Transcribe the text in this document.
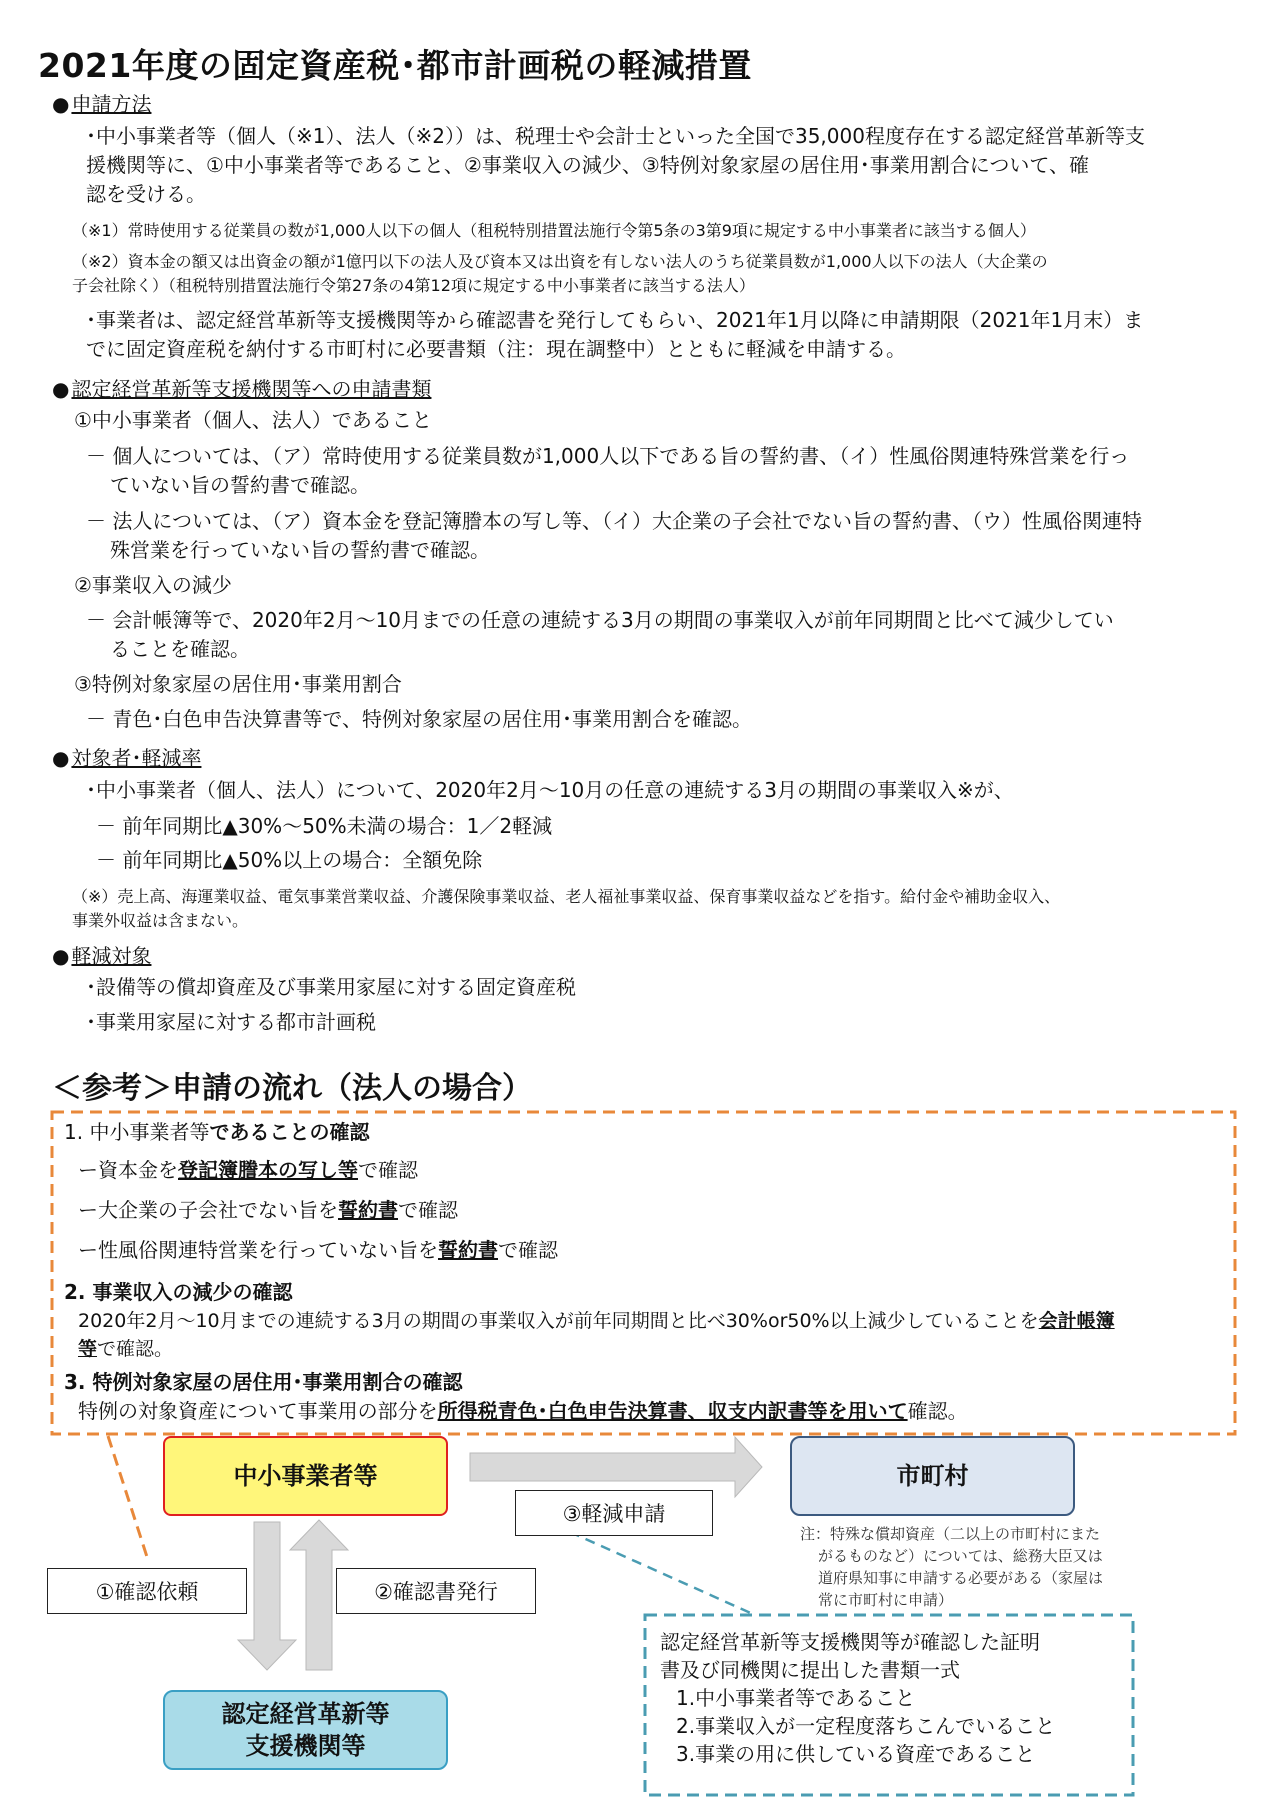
2021年度の固定資産税･都市計画税の軽減措置
● 申請方法
･中小事業者等（個人（※1）、法人（※2））は、税理士や会計士といった全国で35,000程度存在する認定経営革新等支
援機関等に、①中小事業者等であること、②事業収入の減少、③特例対象家屋の居住用･事業用割合について、確
認を受ける。
（※1）常時使用する従業員の数が1,000人以下の個人（租税特別措置法施行令第5条の3第9項に規定する中小事業者に該当する個人）
（※2）資本金の額又は出資金の額が1億円以下の法人及び資本又は出資を有しない法人のうち従業員数が1,000人以下の法人（大企業の
子会社除く）（租税特別措置法施行令第27条の4第12項に規定する中小事業者に該当する法人）
･事業者は、認定経営革新等支援機関等から確認書を発行してもらい、2021年1月以降に申請期限（2021年1月末）ま
でに固定資産税を納付する市町村に必要書類（注：現在調整中）とともに軽減を申請する。
● 認定経営革新等支援機関等への申請書類
①中小事業者（個人、法人）であること
－ 個人については、（ア）常時使用する従業員数が1,000人以下である旨の誓約書、（イ）性風俗関連特殊営業を行っ
ていない旨の誓約書で確認。
－ 法人については、（ア）資本金を登記簿謄本の写し等、（イ）大企業の子会社でない旨の誓約書、（ウ）性風俗関連特
殊営業を行っていない旨の誓約書で確認。
②事業収入の減少
－ 会計帳簿等で、2020年2月～10月までの任意の連続する3月の期間の事業収入が前年同期間と比べて減少してい
ることを確認。
③特例対象家屋の居住用･事業用割合
－ 青色･白色申告決算書等で、特例対象家屋の居住用･事業用割合を確認。
● 対象者･軽減率
･中小事業者（個人、法人）について、2020年2月～10月の任意の連続する3月の期間の事業収入※が、
－ 前年同期比▲30%～50%未満の場合：1／2軽減
－ 前年同期比▲50%以上の場合：全額免除
（※）売上高、海運業収益、電気事業営業収益、介護保険事業収益、老人福祉事業収益、保育事業収益などを指す。給付金や補助金収入、
事業外収益は含まない。
● 軽減対象
･設備等の償却資産及び事業用家屋に対する固定資産税
･事業用家屋に対する都市計画税
＜参考＞申請の流れ（法人の場合）
1. 中小事業者等であることの確認
ー資本金を登記簿謄本の写し等で確認
ー大企業の子会社でない旨を誓約書で確認
ー性風俗関連特営業を行っていない旨を誓約書で確認
2. 事業収入の減少の確認
2020年2月～10月までの連続する3月の期間の事業収入が前年同期間と比べ30%or50%以上減少していることを会計帳簿
等で確認。
3. 特例対象家屋の居住用･事業用割合の確認
特例の対象資産について事業用の部分を所得税青色･白色申告決算書、収支内訳書等を用いて確認。
中小事業者等	市町村
認定経営革新等
支援機関等
③軽減申請
①確認依頼	②確認書発行
注：特殊な償却資産（二以上の市町村にまた
がるものなど）については、総務大臣又は
道府県知事に申請する必要がある（家屋は
常に市町村に申請）
認定経営革新等支援機関等が確認した証明
書及び同機関に提出した書類一式
1.中小事業者等であること
2.事業収入が一定程度落ちこんでいること
3.事業の用に供している資産であること
